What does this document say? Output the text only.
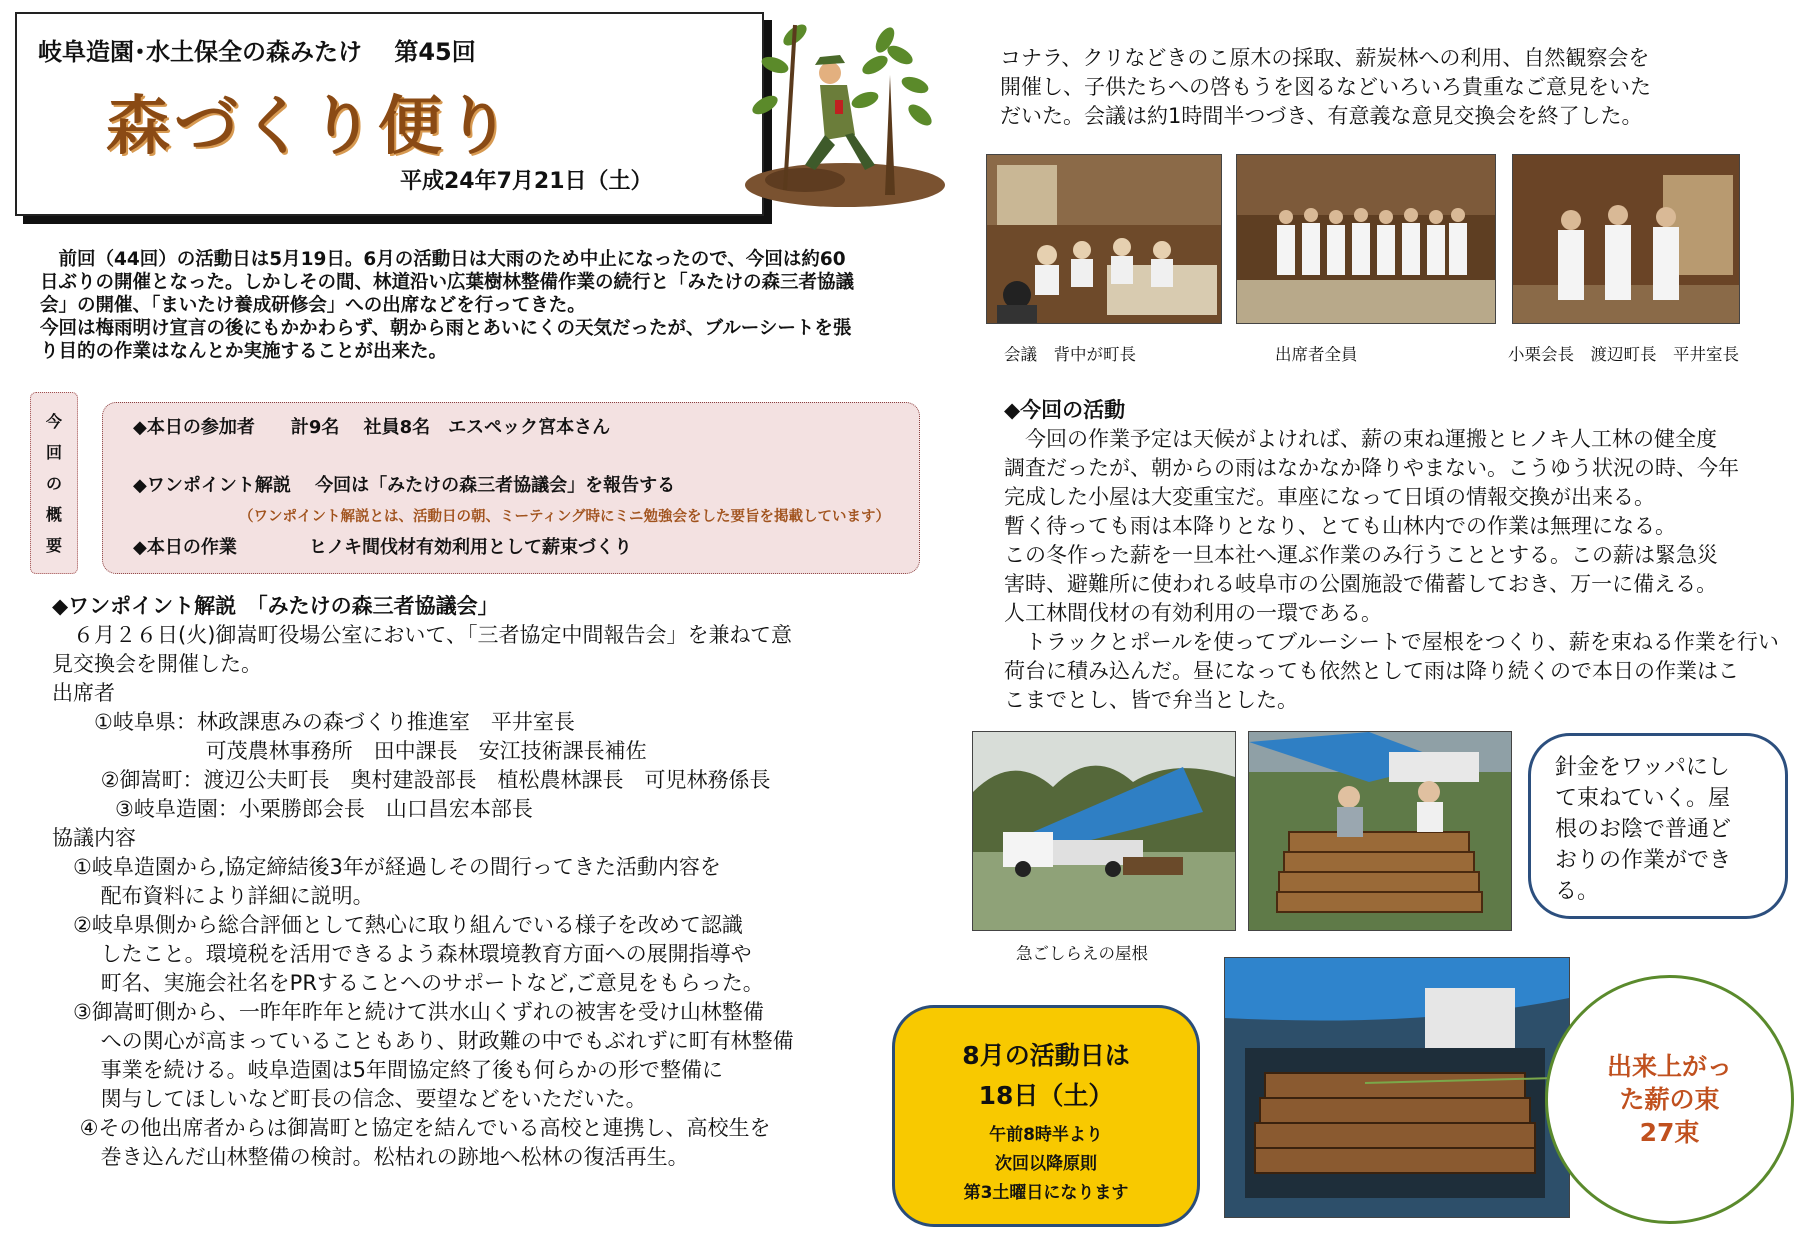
岐阜造園･水土保全の森みたけ　 第45回
森づくり便り
平成24年7月21日（土）
　前回（44回）の活動日は5月19日。6月の活動日は大雨のため中止になったので、今回は約60
日ぶりの開催となった。しかしその間、林道沿い広葉樹林整備作業の続行と「みたけの森三者協議
会」の開催、「まいたけ養成研修会」への出席などを行ってきた。
今回は梅雨明け宣言の後にもかかわらず、朝から雨とあいにくの天気だったが、ブルーシートを張
り目的の作業はなんとか実施することが出来た。
今
回
の
概
要
◆本日の参加者　　計9名　 社員8名　エスペック宮本さん
◆ワンポイント解説　 今回は「みたけの森三者協議会」を報告する
（ワンポイント解説とは、活動日の朝、ミーティング時にミニ勉強会をした要旨を掲載しています）
◆本日の作業　　　　ヒノキ間伐材有効利用として薪束づくり
◆ワンポイント解説　「みたけの森三者協議会」
　６月２６日(火)御嵩町役場公室において、「三者協定中間報告会」を兼ねて意
見交換会を開催した。
出席者
　　①岐阜県：林政課恵みの森づくり推進室　平井室長
　　　　　　　 可茂農林事務所　田中課長　安江技術課長補佐
　　 ②御嵩町：渡辺公夫町長　奥村建設部長　植松農林課長　可児林務係長
　　　③岐阜造園：小栗勝郎会長　山口昌宏本部長
協議内容
　①岐阜造園から,協定締結後3年が経過しその間行ってきた活動内容を
　　 配布資料により詳細に説明。
　②岐阜県側から総合評価として熱心に取り組んでいる様子を改めて認識
　　 したこと。環境税を活用できるよう森林環境教育方面への展開指導や
　　 町名、実施会社名をPRすることへのサポートなど,ご意見をもらった。
　③御嵩町側から、一昨年昨年と続けて洪水山くずれの被害を受け山林整備
　　 への関心が高まっていることもあり、財政難の中でもぶれずに町有林整備
　　 事業を続ける。岐阜造園は5年間協定終了後も何らかの形で整備に
　　 関与してほしいなど町長の信念、要望などをいただいた。
　 ④その他出席者からは御嵩町と協定を結んでいる高校と連携し、高校生を
　　 巻き込んだ山林整備の検討。松枯れの跡地へ松林の復活再生。
コナラ、クリなどきのこ原木の採取、薪炭林への利用、自然観察会を
開催し、子供たちへの啓もうを図るなどいろいろ貴重なご意見をいた
だいた。会議は約1時間半つづき、有意義な意見交換会を終了した。
会議　背中が町長	出席者全員	小栗会長　渡辺町長　平井室長
◆今回の活動
　今回の作業予定は天候がよければ、薪の束ね運搬とヒノキ人工林の健全度
調査だったが、朝からの雨はなかなか降りやまない。こうゆう状況の時、今年
完成した小屋は大変重宝だ。車座になって日頃の情報交換が出来る。
暫く待っても雨は本降りとなり、とても山林内での作業は無理になる。
この冬作った薪を一旦本社へ運ぶ作業のみ行うこととする。この薪は緊急災
害時、避難所に使われる岐阜市の公園施設で備蓄しておき、万一に備える。
人工林間伐材の有効利用の一環である。
　トラックとポールを使ってブルーシートで屋根をつくり、薪を束ねる作業を行い
荷台に積み込んだ。昼になっても依然として雨は降り続くので本日の作業はこ
こまでとし、皆で弁当とした。
急ごしらえの屋根
針金をワッパにし
て束ねていく。屋
根のお陰で普通ど
おりの作業ができ
る。
8月の活動日は
18日（土）
午前8時半より
次回以降原則
第3土曜日になります
出来上がっ
た薪の束
27束
